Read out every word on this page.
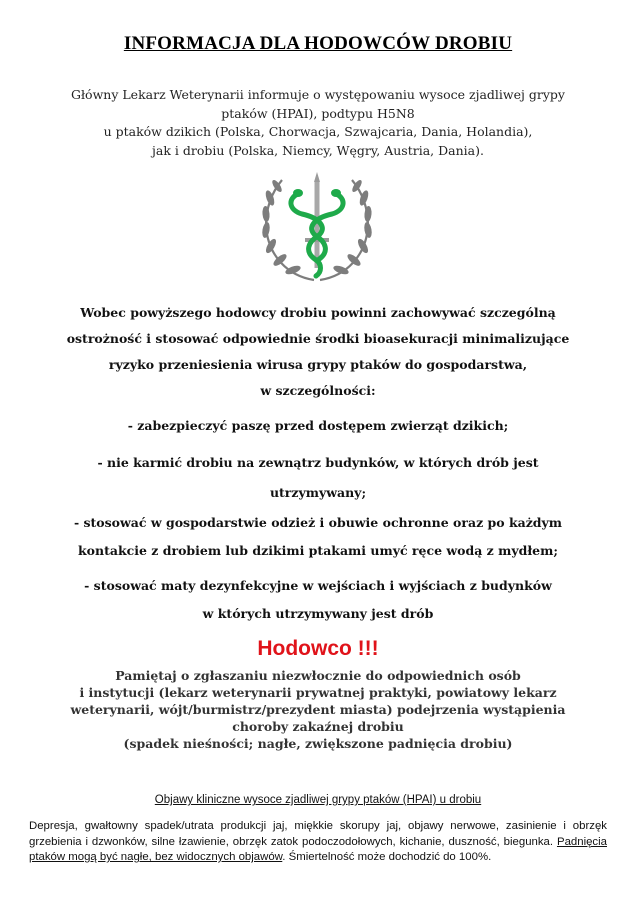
INFORMACJA DLA HODOWCÓW DROBIU
Główny Lekarz Weterynarii informuje o występowaniu wysoce zjadliwej grypy
ptaków (HPAI), podtypu H5N8
u ptaków dzikich (Polska, Chorwacja, Szwajcaria, Dania, Holandia),
jak i drobiu (Polska, Niemcy, Węgry, Austria, Dania).
Wobec powyższego hodowcy drobiu powinni zachowywać szczególną
ostrożność i stosować odpowiednie środki bioasekuracji minimalizujące
ryzyko przeniesienia wirusa grypy ptaków do gospodarstwa,
w szczególności:
- zabezpieczyć paszę przed dostępem zwierząt dzikich;
- nie karmić drobiu na zewnątrz budynków, w których drób jest
utrzymywany;
- stosować w gospodarstwie odzież i obuwie ochronne oraz po każdym
kontakcie z drobiem lub dzikimi ptakami umyć ręce wodą z mydłem;
- stosować maty dezynfekcyjne w wejściach i wyjściach z budynków
w których utrzymywany jest drób
Hodowco !!!
Pamiętaj o zgłaszaniu niezwłocznie do odpowiednich osób
i instytucji (lekarz weterynarii prywatnej praktyki, powiatowy lekarz
weterynarii, wójt/burmistrz/prezydent miasta) podejrzenia wystąpienia
choroby zakaźnej drobiu
(spadek nieśności; nagłe, zwiększone padnięcia drobiu)
Objawy kliniczne wysoce zjadliwej grypy ptaków (HPAI) u drobiu
Depresja, gwałtowny spadek/utrata produkcji jaj, miękkie skorupy jaj, objawy nerwowe, zasinienie i obrzęk grzebienia i dzwonków, silne łzawienie, obrzęk zatok podoczodołowych, kichanie, duszność, biegunka. Padnięcia ptaków mogą być nagłe, bez widocznych objawów. Śmiertelność może dochodzić do 100%.
